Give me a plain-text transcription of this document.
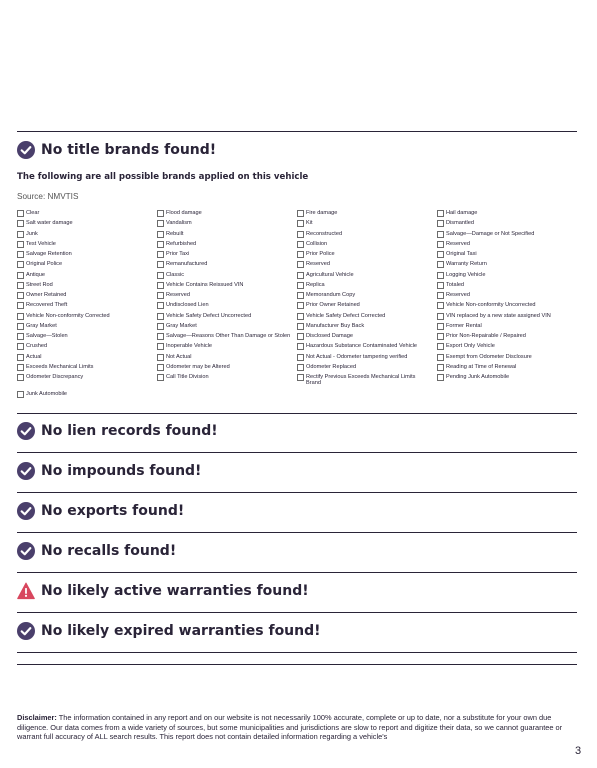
No title brands found!
The following are all possible brands applied on this vehicle
Source: NMVTIS
Clear
Salt water damage
Junk
Test Vehicle
Salvage Retention
Original Police
Antique
Street Rod
Owner Retained
Recovered Theft
Vehicle Non-conformity Corrected
Gray Market
Salvage—Stolen
Crushed
Actual
Exceeds Mechanical Limits
Odometer Discrepancy
Flood damage
Vandalism
Rebuilt
Refurbished
Prior Taxi
Remanufactured
Classic
Vehicle Contains Reissued VIN
Reserved
Undisclosed Lien
Vehicle Safety Defect Uncorrected
Gray Market
Salvage—Reasons Other Than Damage or Stolen
Inoperable Vehicle
Not Actual
Odometer may be Altered
Call Title Division
Fire damage
Kit
Reconstructed
Collision
Prior Police
Reserved
Agricultural Vehicle
Replica
Memorandum Copy
Prior Owner Retained
Vehicle Safety Defect Corrected
Manufacturer Buy Back
Disclosed Damage
Hazardous Substance Contaminated Vehicle
Not Actual - Odometer tampering verified
Odometer Replaced
Rectify Previous Exceeds Mechanical Limits Brand
Hail damage
Dismantled
Salvage—Damage or Not Specified
Reserved
Original Taxi
Warranty Return
Logging Vehicle
Totaled
Reserved
Vehicle Non-conformity Uncorrected
VIN replaced by a new state assigned VIN
Former Rental
Prior Non-Repairable / Repaired
Export Only Vehicle
Exempt from Odometer Disclosure
Reading at Time of Renewal
Pending Junk Automobile
Junk Automobile
No lien records found!
No impounds found!
No exports found!
No recalls found!
No likely active warranties found!
No likely expired warranties found!
Disclaimer: The information contained in any report and on our website is not necessarily 100% accurate, complete or up to date, nor a substitute for your own due diligence. Our data comes from a wide variety of sources, but some municipalities and jurisdictions are slow to report and digitize their data, so we cannot guarantee or warrant full accuracy of ALL search results. This report does not contain detailed information regarding a vehicle's
3
